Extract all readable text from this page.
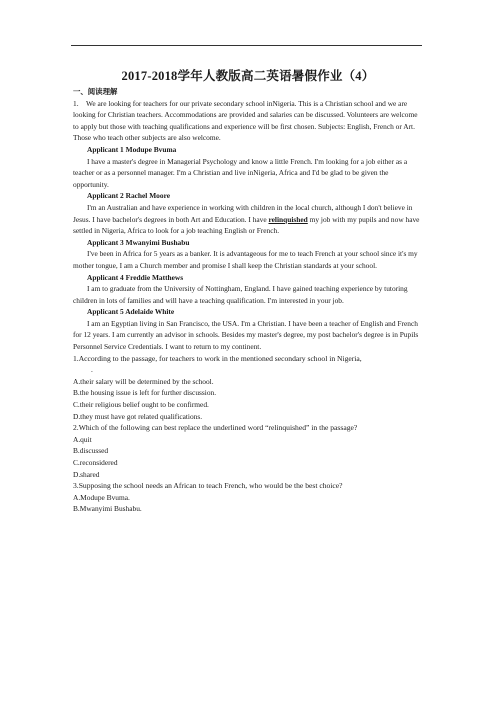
2017-2018学年人教版高二英语暑假作业（4）

一、阅读理解

1. We are looking for teachers for our private secondary school inNigeria. This is a Christian school and we are looking for Christian teachers. Accommodations are provided and salaries can be discussed. Volunteers are welcome to apply but those with teaching qualifications and experience will be first chosen. Subjects: English, French or Art. Those who teach other subjects are also welcome.

Applicant 1 Modupe Bvuma

I have a master's degree in Managerial Psychology and know a little French. I'm looking for a job either as a teacher or as a personnel manager. I'm a Christian and live inNigeria, Africa and I'd be glad to be given the opportunity.

Applicant 2 Rachel Moore

I'm an Australian and have experience in working with children in the local church, although I don't believe in Jesus. I have bachelor's degrees in both Art and Education. I have relinquished my job with my pupils and now have settled in Nigeria, Africa to look for a job teaching English or French.

Applicant 3 Mwanyimi Bushabu

I've been in Africa for 5 years as a banker. It is advantageous for me to teach French at your school since it's my mother tongue, I am a Church member and promise I shall keep the Christian standards at your school.

Applicant 4 Freddie Matthews

I am to graduate from the University of Nottingham, England. I have gained teaching experience by tutoring children in lots of families and will have a teaching qualification. I'm interested in your job.

Applicant 5 Adelaide White

I am an Egyptian living in San Francisco, the USA. I'm a Christian. I have been a teacher of English and French for 12 years. I am currently an advisor in schools. Besides my master's degree, my post bachelor's degree is in Pupils Personnel Service Credentials. I want to return to my continent.

1.According to the passage, for teachers to work in the mentioned secondary school in Nigeria,

.

A.their salary will be determined by the school.

B.the housing issue is left for further discussion.

C.their religious belief ought to be confirmed.

D.they must have got related qualifications.

2.Which of the following can best replace the underlined word “relinquished” in the passage?

A.quit

B.discussed

C.reconsidered

D.shared

3.Supposing the school needs an African to teach French, who would be the best choice?

A.Modupe Bvuma.

B.Mwanyimi Bushabu.
